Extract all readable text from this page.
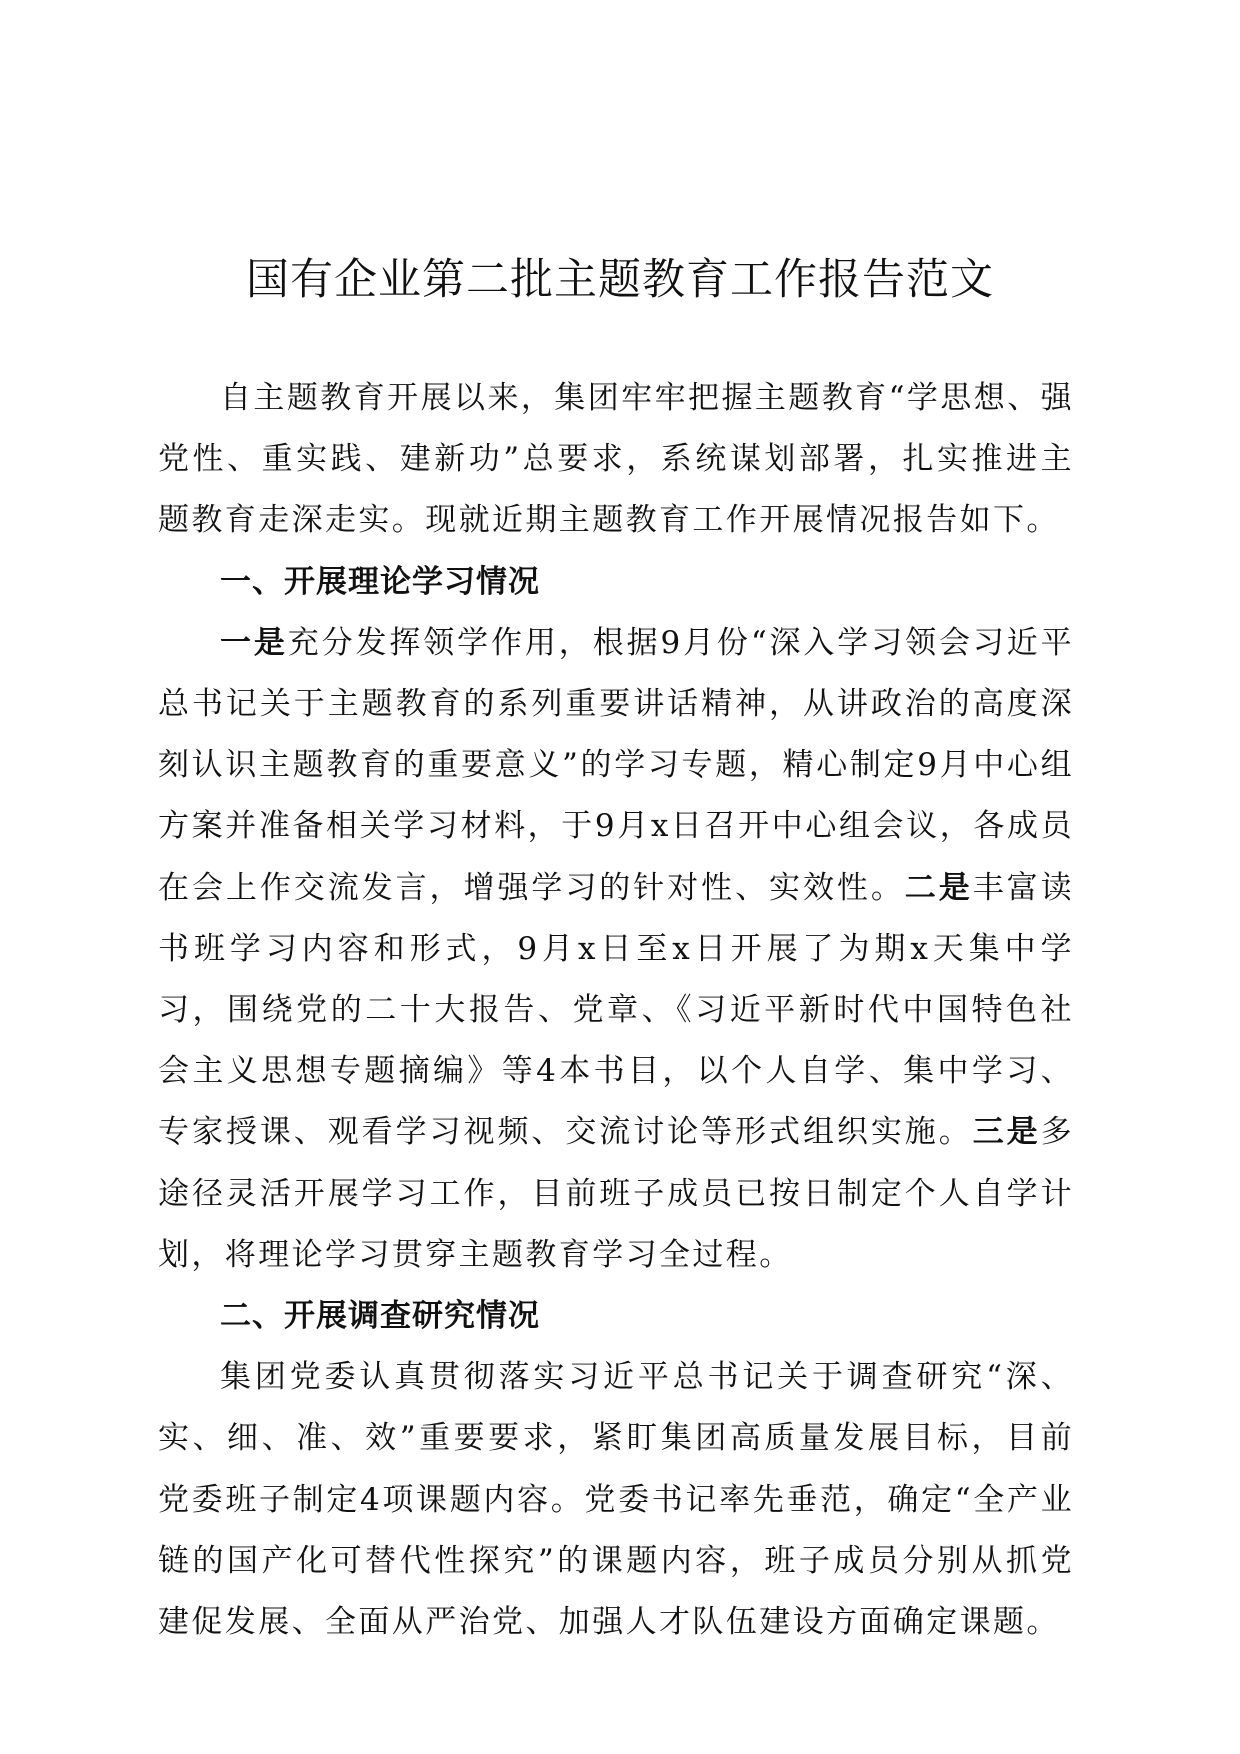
国有企业第二批主题教育工作报告范文

自主题教育开展以来，集团牢牢把握主题教育“学思想、强党性、重实践、建新功”总要求，系统谋划部署，扎实推进主题教育走深走实。现就近期主题教育工作开展情况报告如下。

一、开展理论学习情况

一是充分发挥领学作用，根据9月份“深入学习领会习近平总书记关于主题教育的系列重要讲话精神，从讲政治的高度深刻认识主题教育的重要意义”的学习专题，精心制定9月中心组方案并准备相关学习材料，于9月x日召开中心组会议，各成员在会上作交流发言，增强学习的针对性、实效性。二是丰富读书班学习内容和形式，9月x日至x日开展了为期x天集中学习，围绕党的二十大报告、党章、《习近平新时代中国特色社会主义思想专题摘编》等4本书目，以个人自学、集中学习、专家授课、观看学习视频、交流讨论等形式组织实施。三是多途径灵活开展学习工作，目前班子成员已按日制定个人自学计划，将理论学习贯穿主题教育学习全过程。

二、开展调查研究情况

集团党委认真贯彻落实习近平总书记关于调查研究“深、实、细、准、效”重要要求，紧盯集团高质量发展目标，目前党委班子制定4项课题内容。党委书记率先垂范，确定“全产业链的国产化可替代性探究”的课题内容，班子成员分别从抓党建促发展、全面从严治党、加强人才队伍建设方面确定课题。
